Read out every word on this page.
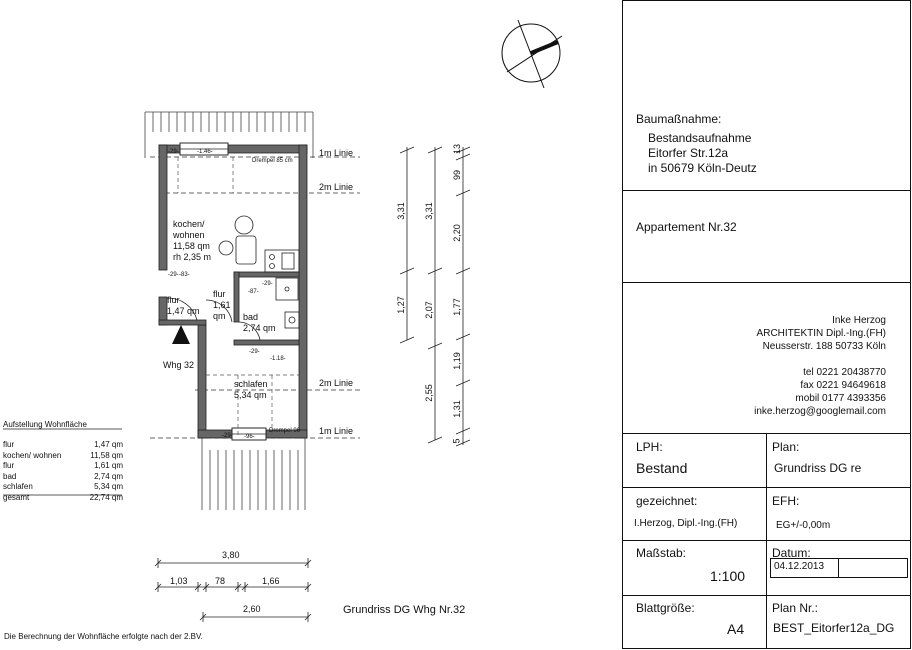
kochen/
wohnen
11,58 qm
rh 2,35 m
flur
1,47 qm
flur
1,61
qm	bad
2,74 qm
schlafen
5,34 qm
Whg 32
1m Linie
2m Linie
2m Linie
1m Linie
Drempel 85 cm
Drempel 96
-29-	-1.46-
-29- -96-
-29- -83-
-87-
-29-
-29-
-1.18-
3,31
1,27
3,31
2,07
2,55
13
99
2,20
1,77
1,19
1,31
5
3,80
1,03	78	1,66
2,60	Grundriss DG Whg Nr.32
Die Berechnung der Wohnfläche erfolgte nach der 2.BV.
Aufstellung Wohnfläche
flur	1,47 qm
kochen/ wohnen	11,58 qm
flur	1,61 qm
bad	2,74 qm
schlafen	5,34 qm
gesamt	22,74 qm
Baumaßnahme:
Bestandsaufnahme
Eitorfer Str.12a
in 50679 Köln-Deutz
Appartement Nr.32
Inke Herzog
ARCHITEKTIN Dipl.-Ing.(FH)
Neusserstr. 188 50733 Köln
tel 0221 20438770
fax 0221 94649618
mobil 0177 4393356
inke.herzog@googlemail.com
LPH:
Bestand
Plan:
Grundriss DG re
gezeichnet:
I.Herzog, Dipl.-Ing.(FH)
EFH:
EG+/-0,00m
Maßstab:
1:100
Datum:
04.12.2013
Blattgröße:
A4
Plan Nr.:
BEST_Eitorfer12a_DG
